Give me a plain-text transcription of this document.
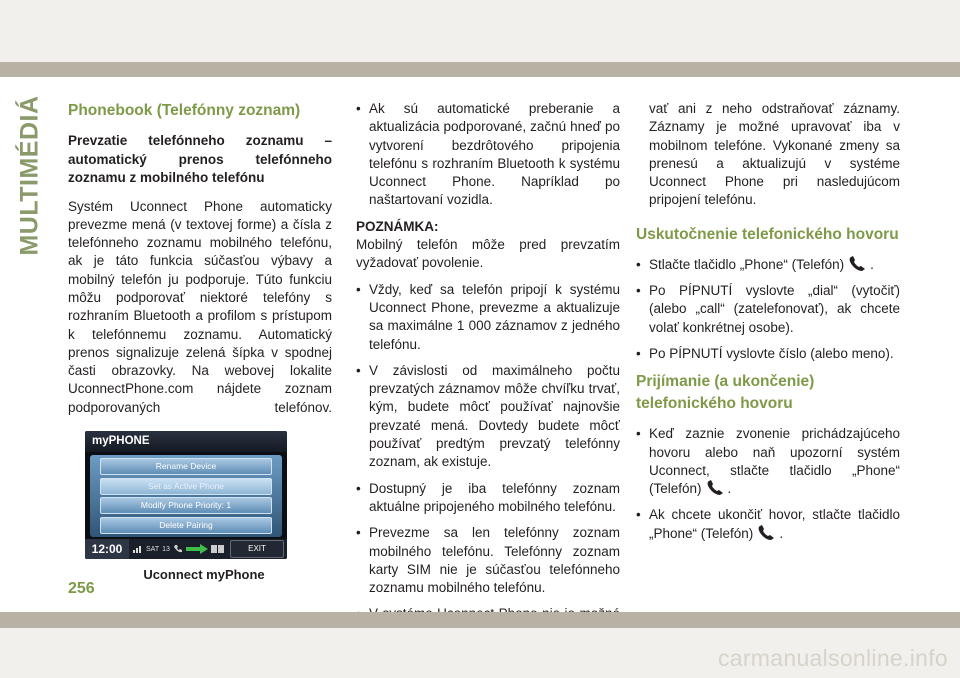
MULTIMÉDIÁ Phonebook (Telefónny zoznam)
Prevzatie telefónneho zoznamu – automatický prenos telefónneho zoznamu z mobilného telefónu

Systém Uconnect Phone automaticky prevezme mená (v textovej forme) a čísla z telefónneho zoznamu mobilného telefónu, ak je táto funkcia súčasťou výbavy a mobilný telefón ju podporuje. Túto funkciu môžu podporovať niektoré telefóny s rozhraním Bluetooth a profilom s prístupom k telefónnemu zoznamu. Automatický prenos signalizuje zelená šípka v spodnej časti obrazovky. Na webovej lokalite UconnectPhone.com nájdete zoznam podporovaných telefónov.

myPHONE
Rename Device
Set as Active Phone
Modify Phone Priority: 1
Delete Pairing
12:00	SAT 13	EXIT
Uconnect myPhone
• Ak sú automatické preberanie a aktualizácia podporované, začnú hneď po vytvorení bezdrôtového pripojenia telefónu s rozhraním Bluetooth k systému Uconnect Phone. Napríklad po naštartovaní vozidla.
POZNÁMKA:

Mobilný telefón môže pred prevzatím vyžadovať povolenie.

• Vždy, keď sa telefón pripojí k systému Uconnect Phone, prevezme a aktualizuje sa maximálne 1 000 záznamov z jedného telefónu.
• V závislosti od maximálneho počtu prevzatých záznamov môže chvíľku trvať, kým, budete môcť používať najnovšie prevzaté mená. Dovtedy budete môcť používať predtým prevzatý telefónny zoznam, ak existuje.
• Dostupný je iba telefónny zoznam aktuálne pripojeného mobilného telefónu.
• Prevezme sa len telefónny zoznam mobilného telefónu. Telefónny zoznam karty SIM nie je súčasťou telefónneho zoznamu mobilného telefónu.
•
vať ani z neho odstraňovať záznamy. Záznamy je možné upravovať iba v mobilnom telefóne. Vykonané zmeny sa prenesú a aktualizujú v systéme Uconnect Phone pri nasledujúcom pripojení telefónu.
Uskutočnenie telefonického hovoru
• Stlačte tlačidlo „Phone“ (Telefón) .
• Po PÍPNUTÍ vyslovte „dial“ (vytočiť) (alebo „call“ (zatelefonovať), ak chcete volať konkrétnej osobe).
• Po PÍPNUTÍ vyslovte číslo (alebo meno).
Prijímanie (a ukončenie) telefonického hovoru
• Keď zaznie zvonenie prichádzajúceho hovoru alebo naň upozorní systém Uconnect, stlačte tlačidlo „Phone“ (Telefón) .
• Ak chcete ukončiť hovor, stlačte tlačidlo „Phone“ (Telefón) .
256
carmanualsonline.info
